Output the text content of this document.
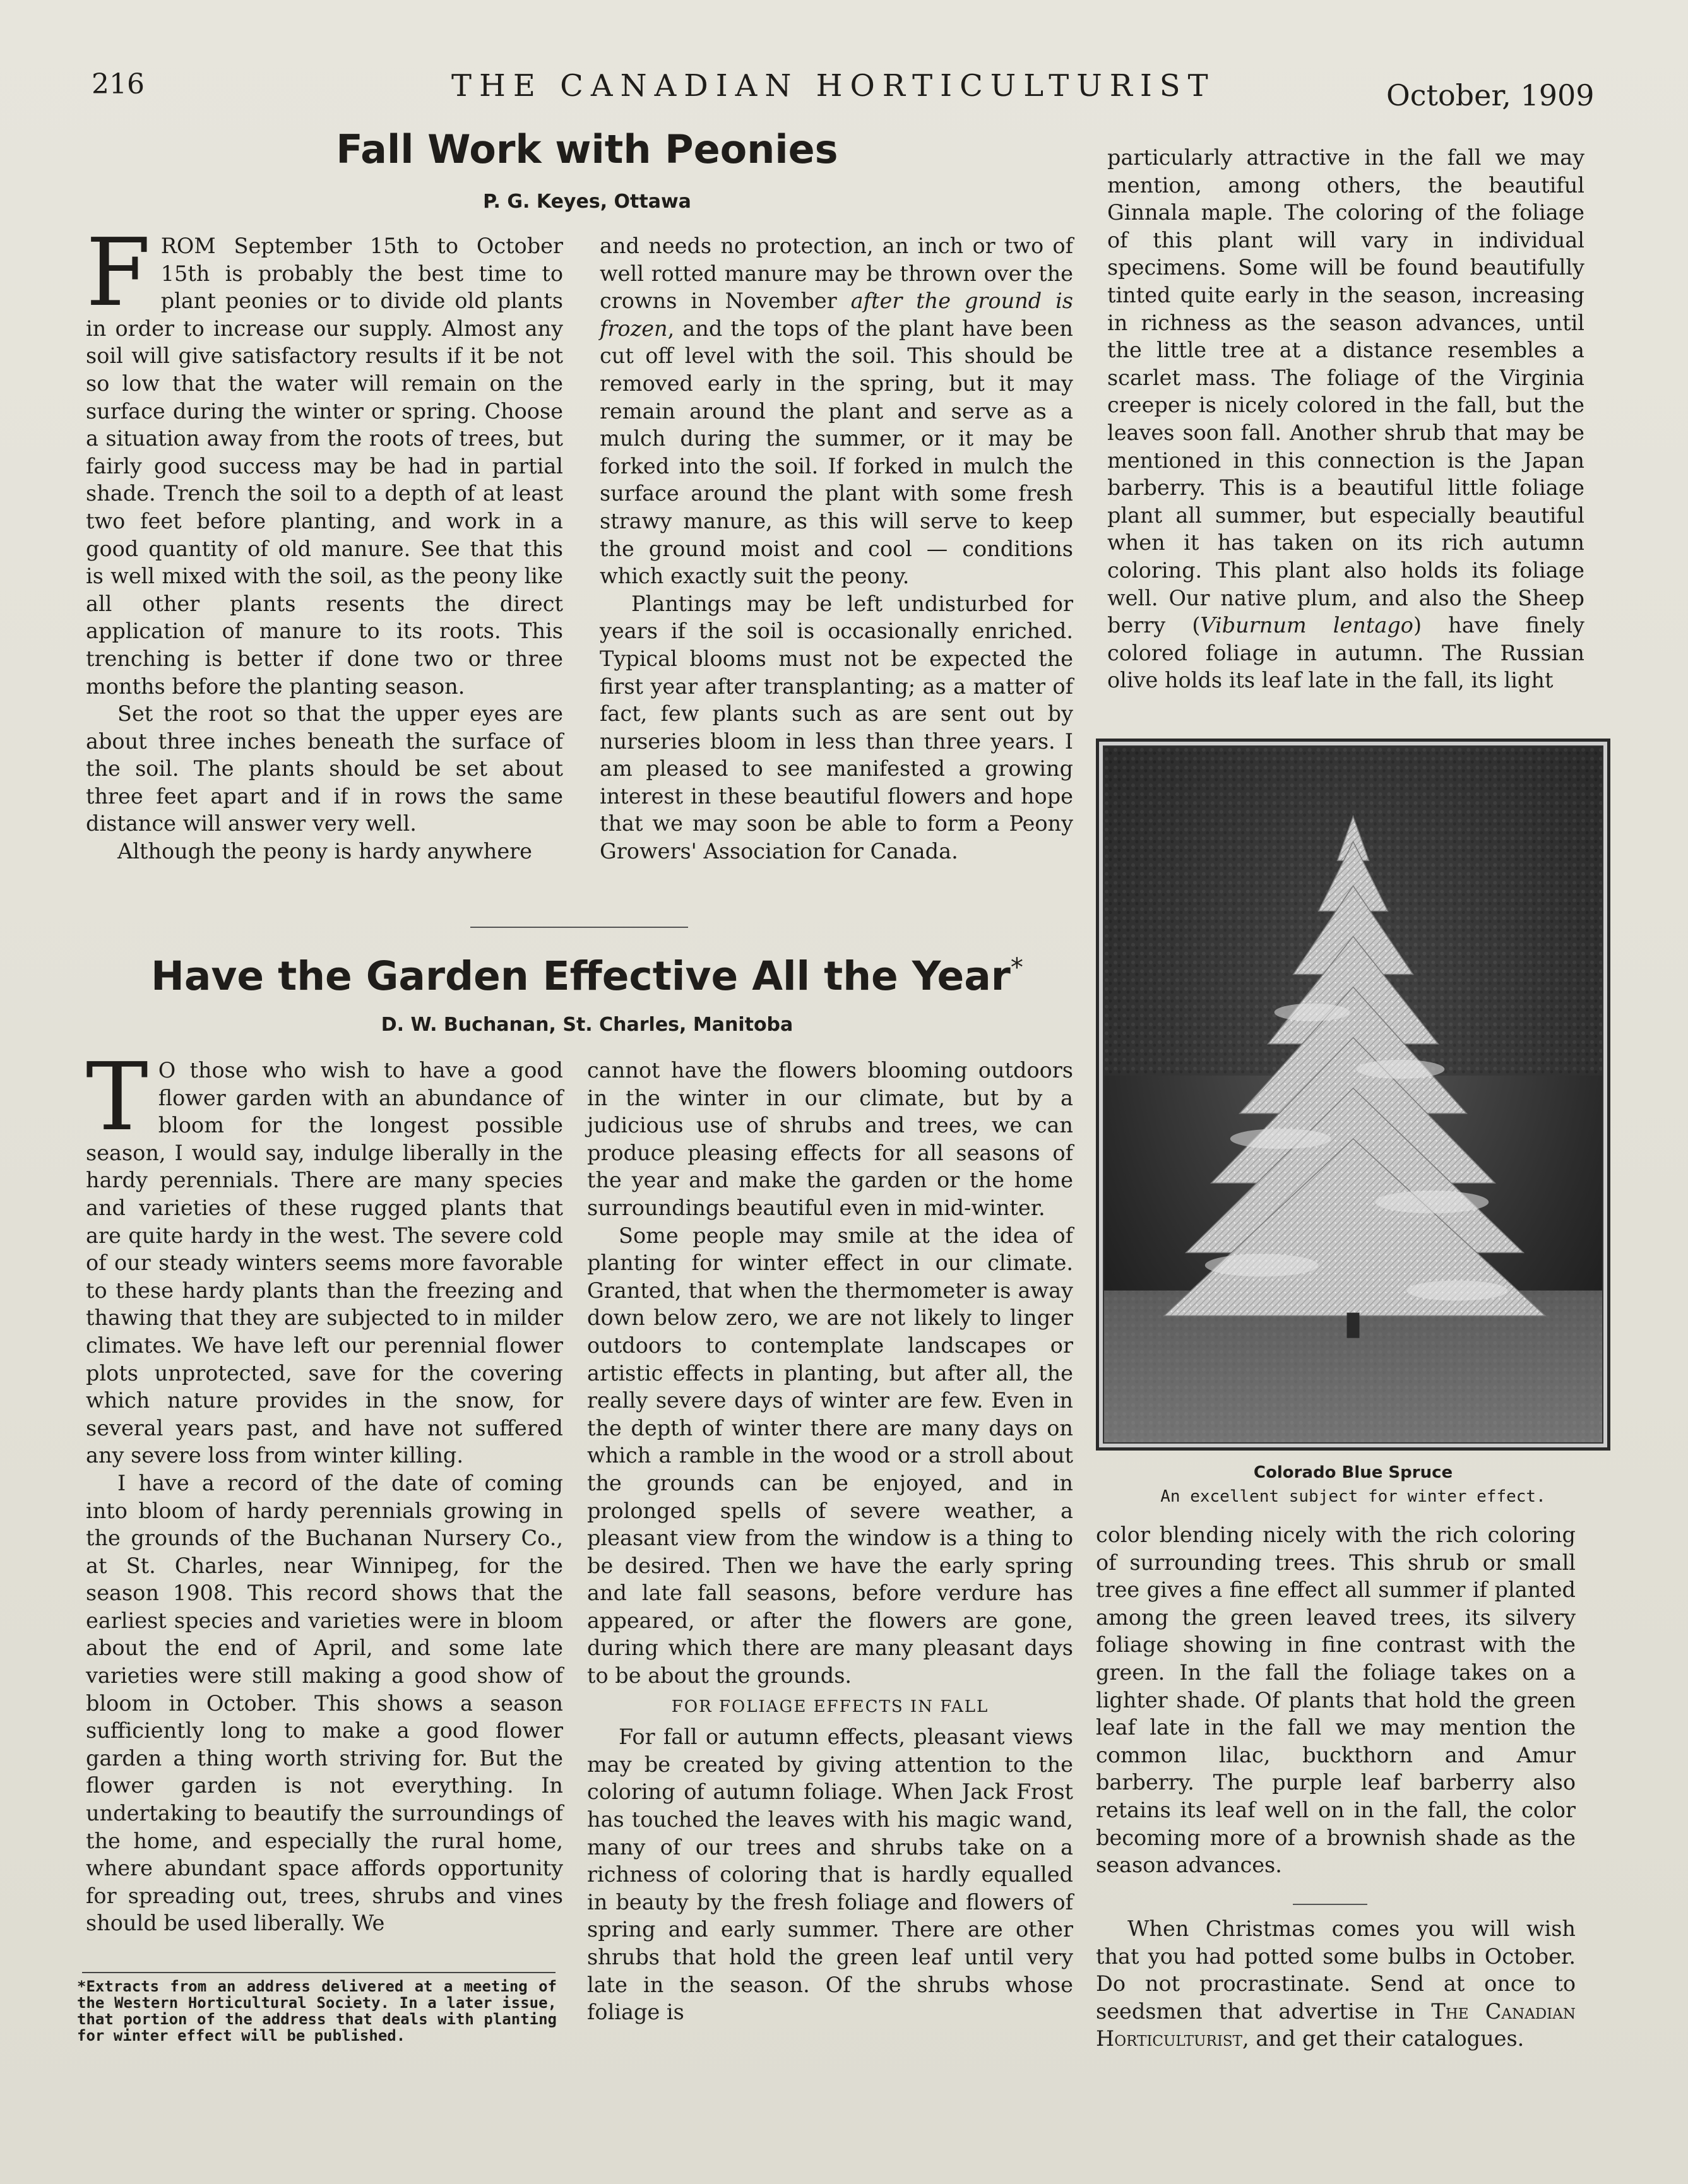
216	THE CANADIAN HORTICULTURIST	October, 1909
Fall Work with Peonies
P. G. Keyes, Ottawa

FROM September 15th to October 15th is probably the best time to plant peonies or to divide old plants in order to increase our supply. Almost any soil will give satisfactory results if it be not so low that the water will remain on the surface during the winter or spring. Choose a situation away from the roots of trees, but fairly good success may be had in partial shade. Trench the soil to a depth of at least two feet before planting, and work in a good quantity of old manure. See that this is well mixed with the soil, as the peony like all other plants resents the direct application of manure to its roots. This trenching is better if done two or three months before the planting season.

Set the root so that the upper eyes are about three inches beneath the surface of the soil. The plants should be set about three feet apart and if in rows the same distance will answer very well.

Although the peony is hardy anywhere

and needs no protection, an inch or two of well rotted manure may be thrown over the crowns in November after the ground is frozen, and the tops of the plant have been cut off level with the soil. This should be removed early in the spring, but it may remain around the plant and serve as a mulch during the summer, or it may be forked into the soil. If forked in mulch the surface around the plant with some fresh strawy manure, as this will serve to keep the ground moist and cool — conditions which exactly suit the peony.

Plantings may be left undisturbed for years if the soil is occasionally enriched. Typical blooms must not be expected the first year after transplanting; as a matter of fact, few plants such as are sent out by nurseries bloom in less than three years. I am pleased to see manifested a growing interest in these beautiful flowers and hope that we may soon be able to form a Peony Growers' Association for Canada.

Have the Garden Effective All the Year*
D. W. Buchanan, St. Charles, Manitoba

T O those who wish to have a good flower garden with an abundance of bloom for the longest possible season, I would say, indulge liberally in the hardy perennials. There are many species and varieties of these rugged plants that are quite hardy in the west. The severe cold of our steady winters seems more favorable to these hardy plants than the freezing and thawing that they are subjected to in milder climates. We have left our perennial flower plots unprotected, save for the covering which nature provides in the snow, for several years past, and have not suffered any severe loss from winter killing.

I have a record of the date of coming into bloom of hardy perennials growing in the grounds of the Buchanan Nursery Co., at St. Charles, near Winnipeg, for the season 1908. This record shows that the earliest species and varieties were in bloom about the end of April, and some late varieties were still making a good show of bloom in October. This shows a season sufficiently long to make a good flower garden a thing worth striving for. But the flower garden is not everything. In undertaking to beautify the surroundings of the home, and especially the rural home, where abundant space affords opportunity for spreading out, trees, shrubs and vines should be used liberally. We

*Extracts from an address delivered at a meeting of the Western Horticultural Society. In a later issue, that portion of the address that deals with planting for winter effect will be published.

cannot have the flowers blooming outdoors in the winter in our climate, but by a judicious use of shrubs and trees, we can produce pleasing effects for all seasons of the year and make the garden or the home surroundings beautiful even in mid-winter.

Some people may smile at the idea of planting for winter effect in our climate. Granted, that when the thermometer is away down below zero, we are not likely to linger outdoors to contemplate landscapes or artistic effects in planting, but after all, the really severe days of winter are few. Even in the depth of winter there are many days on which a ramble in the wood or a stroll about the grounds can be enjoyed, and in prolonged spells of severe weather, a pleasant view from the window is a thing to be desired. Then we have the early spring and late fall seasons, before verdure has appeared, or after the flowers are gone, during which there are many pleasant days to be about the grounds.

FOR FOLIAGE EFFECTS IN FALL

For fall or autumn effects, pleasant views may be created by giving attention to the coloring of autumn foliage. When Jack Frost has touched the leaves with his magic wand, many of our trees and shrubs take on a richness of coloring that is hardly equalled in beauty by the fresh foliage and flowers of spring and early summer. There are other shrubs that hold the green leaf until very late in the season. Of the shrubs whose foliage is

particularly attractive in the fall we may mention, among others, the beautiful Ginnala maple. The coloring of the foliage of this plant will vary in individual specimens. Some will be found beautifully tinted quite early in the season, increasing in richness as the season advances, until the little tree at a distance resembles a scarlet mass. The foliage of the Virginia creeper is nicely colored in the fall, but the leaves soon fall. Another shrub that may be mentioned in this connection is the Japan barberry. This is a beautiful little foliage plant all summer, but especially beautiful when it has taken on its rich autumn coloring. This plant also holds its foliage well. Our native plum, and also the Sheep berry (Viburnum lentago) have finely colored foliage in autumn. The Russian olive holds its leaf late in the fall, its light

Colorado Blue Spruce
An excellent subject for winter effect.

color blending nicely with the rich coloring of surrounding trees. This shrub or small tree gives a fine effect all summer if planted among the green leaved trees, its silvery foliage showing in fine contrast with the green. In the fall the foliage takes on a lighter shade. Of plants that hold the green leaf late in the fall we may mention the common lilac, buckthorn and Amur barberry. The purple leaf barberry also retains its leaf well on in the fall, the color becoming more of a brownish shade as the season advances.

When Christmas comes you will wish that you had potted some bulbs in October. Do not procrastinate. Send at once to seedsmen that advertise in The Canadian Horticulturist, and get their catalogues.
